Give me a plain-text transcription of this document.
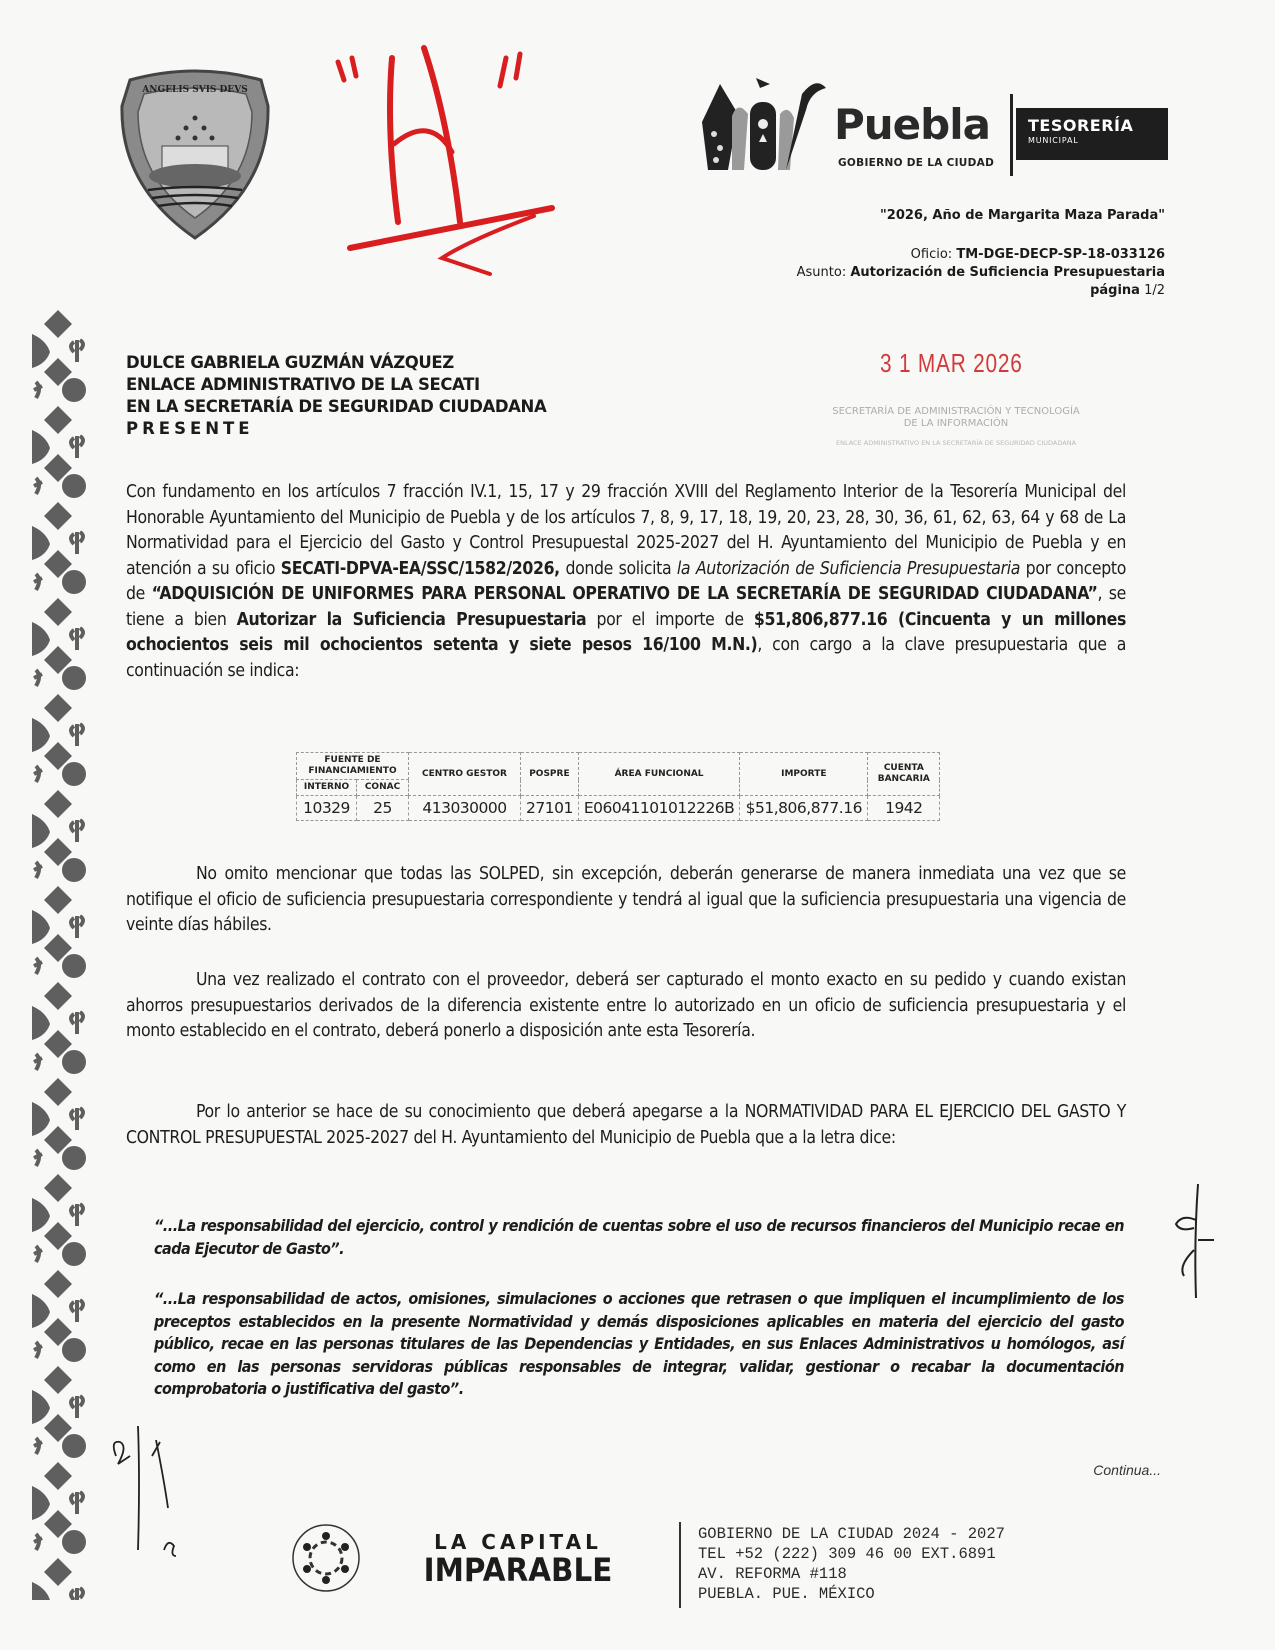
ANGELIS SVIS DEVS
Puebla
GOBIERNO DE LA CIUDAD
TESORERÍA
MUNICIPAL
"2026, Año de Margarita Maza Parada"
Oficio: TM-DGE-DECP-SP-18-033126
Asunto: Autorización de Suficiencia Presupuestaria
página 1/2
DULCE GABRIELA GUZMÁN VÁZQUEZ
ENLACE ADMINISTRATIVO DE LA SECATI
EN LA SECRETARÍA DE SEGURIDAD CIUDADANA
PRESENTE
3 1 MAR 2026
SECRETARÍA DE ADMINISTRACIÓN Y TECNOLOGÍA
DE LA INFORMACIÓN
ENLACE ADMINISTRATIVO EN LA SECRETARÍA DE SEGURIDAD CIUDADANA
Con fundamento en los artículos 7 fracción IV.1, 15, 17 y 29 fracción XVIII del Reglamento Interior de la Tesorería Municipal del Honorable Ayuntamiento del Municipio de Puebla y de los artículos 7, 8, 9, 17, 18, 19, 20, 23, 28, 30, 36, 61, 62, 63, 64 y 68 de La Normatividad para el Ejercicio del Gasto y Control Presupuestal 2025-2027 del H. Ayuntamiento del Municipio de Puebla y en atención a su oficio SECATI-DPVA-EA/SSC/1582/2026, donde solicita la Autorización de Suficiencia Presupuestaria por concepto de “ADQUISICIÓN DE UNIFORMES PARA PERSONAL OPERATIVO DE LA SECRETARÍA DE SEGURIDAD CIUDADANA”, se tiene a bien Autorizar la Suficiencia Presupuestaria por el importe de $51,806,877.16 (Cincuenta y un millones ochocientos seis mil ochocientos setenta y siete pesos 16/100 M.N.), con cargo a la clave presupuestaria que a continuación se indica:
FUENTE DE FINANCIAMIENTO		CENTRO GESTOR	POSPRE	ÁREA FUNCIONAL	IMPORTE	CUENTA BANCARIA
INTERNO	CONAC					
10329	25	413030000	27101	E06041101012226B	$51,806,877.16	1942
No omito mencionar que todas las SOLPED, sin excepción, deberán generarse de manera inmediata una vez que se notifique el oficio de suficiencia presupuestaria correspondiente y tendrá al igual que la suficiencia presupuestaria una vigencia de veinte días hábiles.
Una vez realizado el contrato con el proveedor, deberá ser capturado el monto exacto en su pedido y cuando existan ahorros presupuestarios derivados de la diferencia existente entre lo autorizado en un oficio de suficiencia presupuestaria y el monto establecido en el contrato, deberá ponerlo a disposición ante esta Tesorería.
Por lo anterior se hace de su conocimiento que deberá apegarse a la NORMATIVIDAD PARA EL EJERCICIO DEL GASTO Y CONTROL PRESUPUESTAL 2025-2027 del H. Ayuntamiento del Municipio de Puebla que a la letra dice:
“...La responsabilidad del ejercicio, control y rendición de cuentas sobre el uso de recursos financieros del Municipio recae en cada Ejecutor de Gasto”.
“...La responsabilidad de actos, omisiones, simulaciones o acciones que retrasen o que impliquen el incumplimiento de los preceptos establecidos en la presente Normatividad y demás disposiciones aplicables en materia del ejercicio del gasto público, recae en las personas titulares de las Dependencias y Entidades, en sus Enlaces Administrativos u homólogos, así como en las personas servidoras públicas responsables de integrar, validar, gestionar o recabar la documentación comprobatoria o justificativa del gasto”.
Continua...
LA CAPITAL
IMPARABLE
GOBIERNO DE LA CIUDAD 2024 - 2027
TEL +52 (222) 309 46 00 EXT.6891
AV. REFORMA #118
PUEBLA. PUE. MÉXICO
